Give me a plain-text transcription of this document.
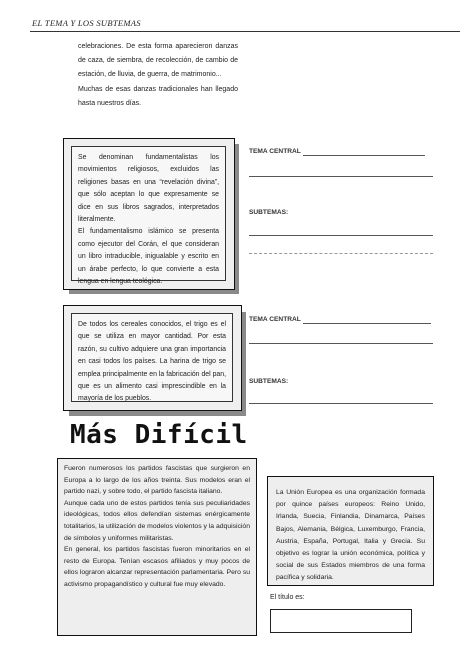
EL TEMA Y LOS SUBTEMAS

celebraciones. De esta forma aparecieron danzas de caza, de siembra, de recolección, de cambio de estación, de lluvia, de guerra, de matrimonio...

Muchas de esas danzas tradicionales han llegado hasta nuestros días.

Se denominan fundamentalistas los movimientos religiosos, excluidos las religiones basas en una “revelación divina”, que sólo aceptan lo que expresamente se dice en sus libros sagrados, interpretados literalmente.

El fundamentalismo islámico se presenta como ejecutor del Corán, el que consideran un libro intraducible, inigualable y escrito en un árabe perfecto, lo que convierte a esta lengua en lengua teológica.

TEMA CENTRAL
SUBTEMAS:

De todos los cereales conocidos, el trigo es el que se utiliza en mayor cantidad. Por esta razón, su cultivo adquiere una gran importancia en casi todos los países. La harina de trigo se emplea principalmente en la fabricación del pan, que es un alimento casi imprescindible en la mayoría de los pueblos.

TEMA CENTRAL
SUBTEMAS:
Más Difícil

Fueron numerosos los partidos fascistas que surgieron en Europa a lo largo de los años treinta. Sus modelos eran el partido nazi, y sobre todo, el partido fascista italiano.

Aunque cada uno de estos partidos tenía sus peculiaridades ideológicas, todos ellos defendían sistemas enérgicamente totalitarios, la utilización de modelos violentos y la adquisición de símbolos y uniformes militaristas.

En general, los partidos fascistas fueron minoritarios en el resto de Europa. Tenían escasos afiliados y muy pocos de ellos lograron alcanzar representación parlamentaria. Pero su activismo propagandístico y cultural fue muy elevado.

La Unión Europea es una organización formada por quince países europeos: Reino Unido, Irlanda, Suecia, Finlandia, Dinamarca, Países Bajos, Alemania, Bélgica, Luxemburgo, Francia, Austria, España, Portugal, Italia y Grecia. Su objetivo es lograr la unión económica, política y social de sus Estados miembros de una forma pacífica y solidaria.

El título es:
